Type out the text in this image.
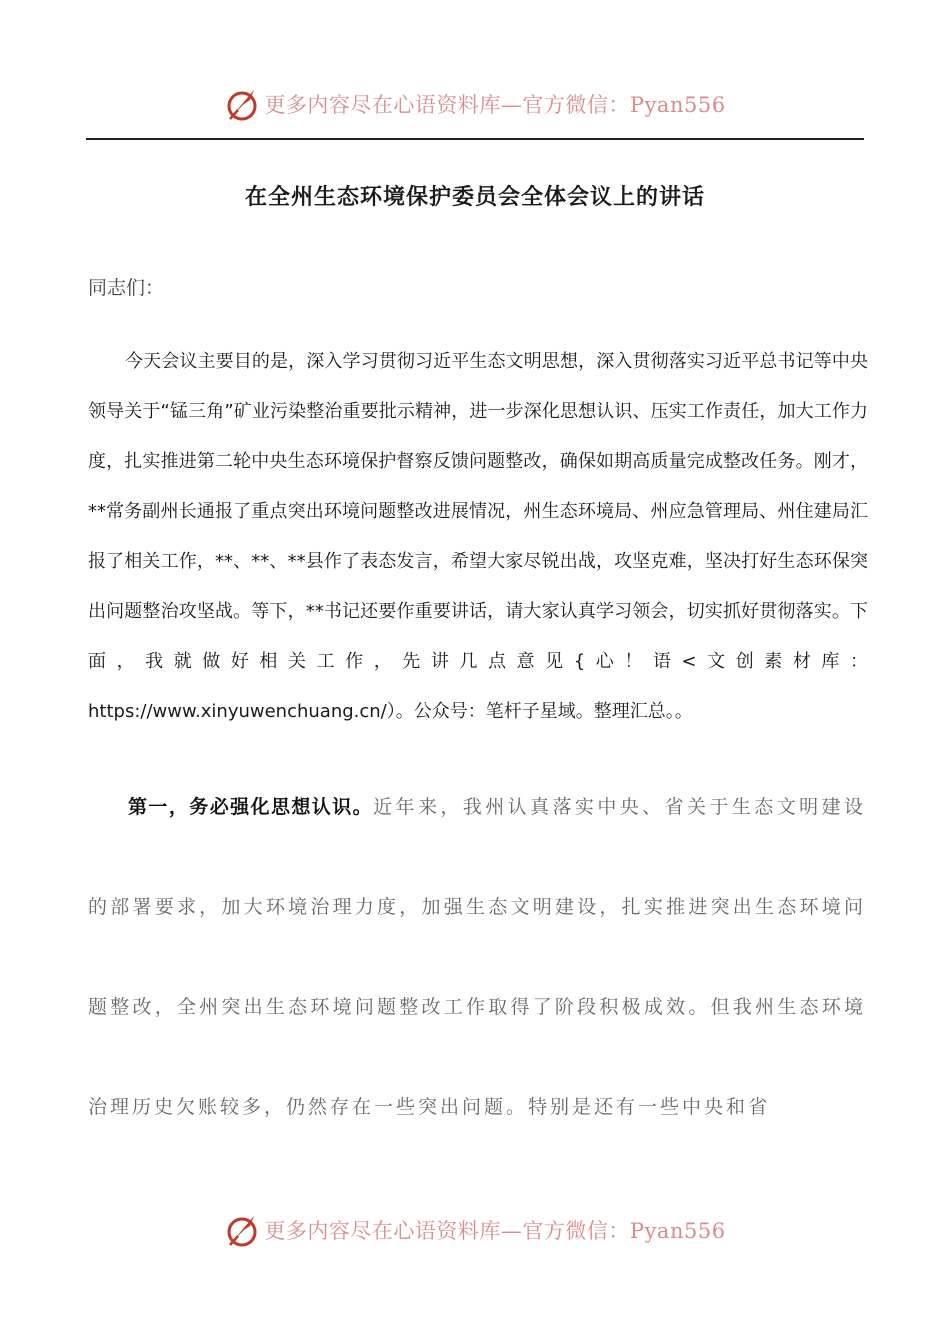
更多内容尽在心语资料库—官方微信：Pyan556
在全州生态环境保护委员会全体会议上的讲话
同志们：
今天会议主要目的是，深入学习贯彻习近平生态文明思想，深入贯彻落实习近平总书记等中央领导关于“锰三角”矿业污染整治重要批示精神，进一步深化思想认识、压实工作责任，加大工作力度，扎实推进第二轮中央生态环境保护督察反馈问题整改，确保如期高质量完成整改任务。刚才，**常务副州长通报了重点突出环境问题整改进展情况，州生态环境局、州应急管理局、州住建局汇报了相关工作，**、**、**县作了表态发言，希望大家尽锐出战，攻坚克难，坚决打好生态环保突出问题整治攻坚战。等下，**书记还要作重要讲话，请大家认真学习领会，切实抓好贯彻落实。下面，我就做好相关工作，先讲几点意见{心！语<文创素材库：https://www.xinyuwenchuang.cn/）。公众号：笔杆子星域。整理汇总。。
第一，务必强化思想认识。近年来，我州认真落实中央、省关于生态文明建设的部署要求，加大环境治理力度，加强生态文明建设，扎实推进突出生态环境问题整改，全州突出生态环境问题整改工作取得了阶段积极成效。但我州生态环境治理历史欠账较多，仍然存在一些突出问题。特别是还有一些中央和省
更多内容尽在心语资料库—官方微信：Pyan556
